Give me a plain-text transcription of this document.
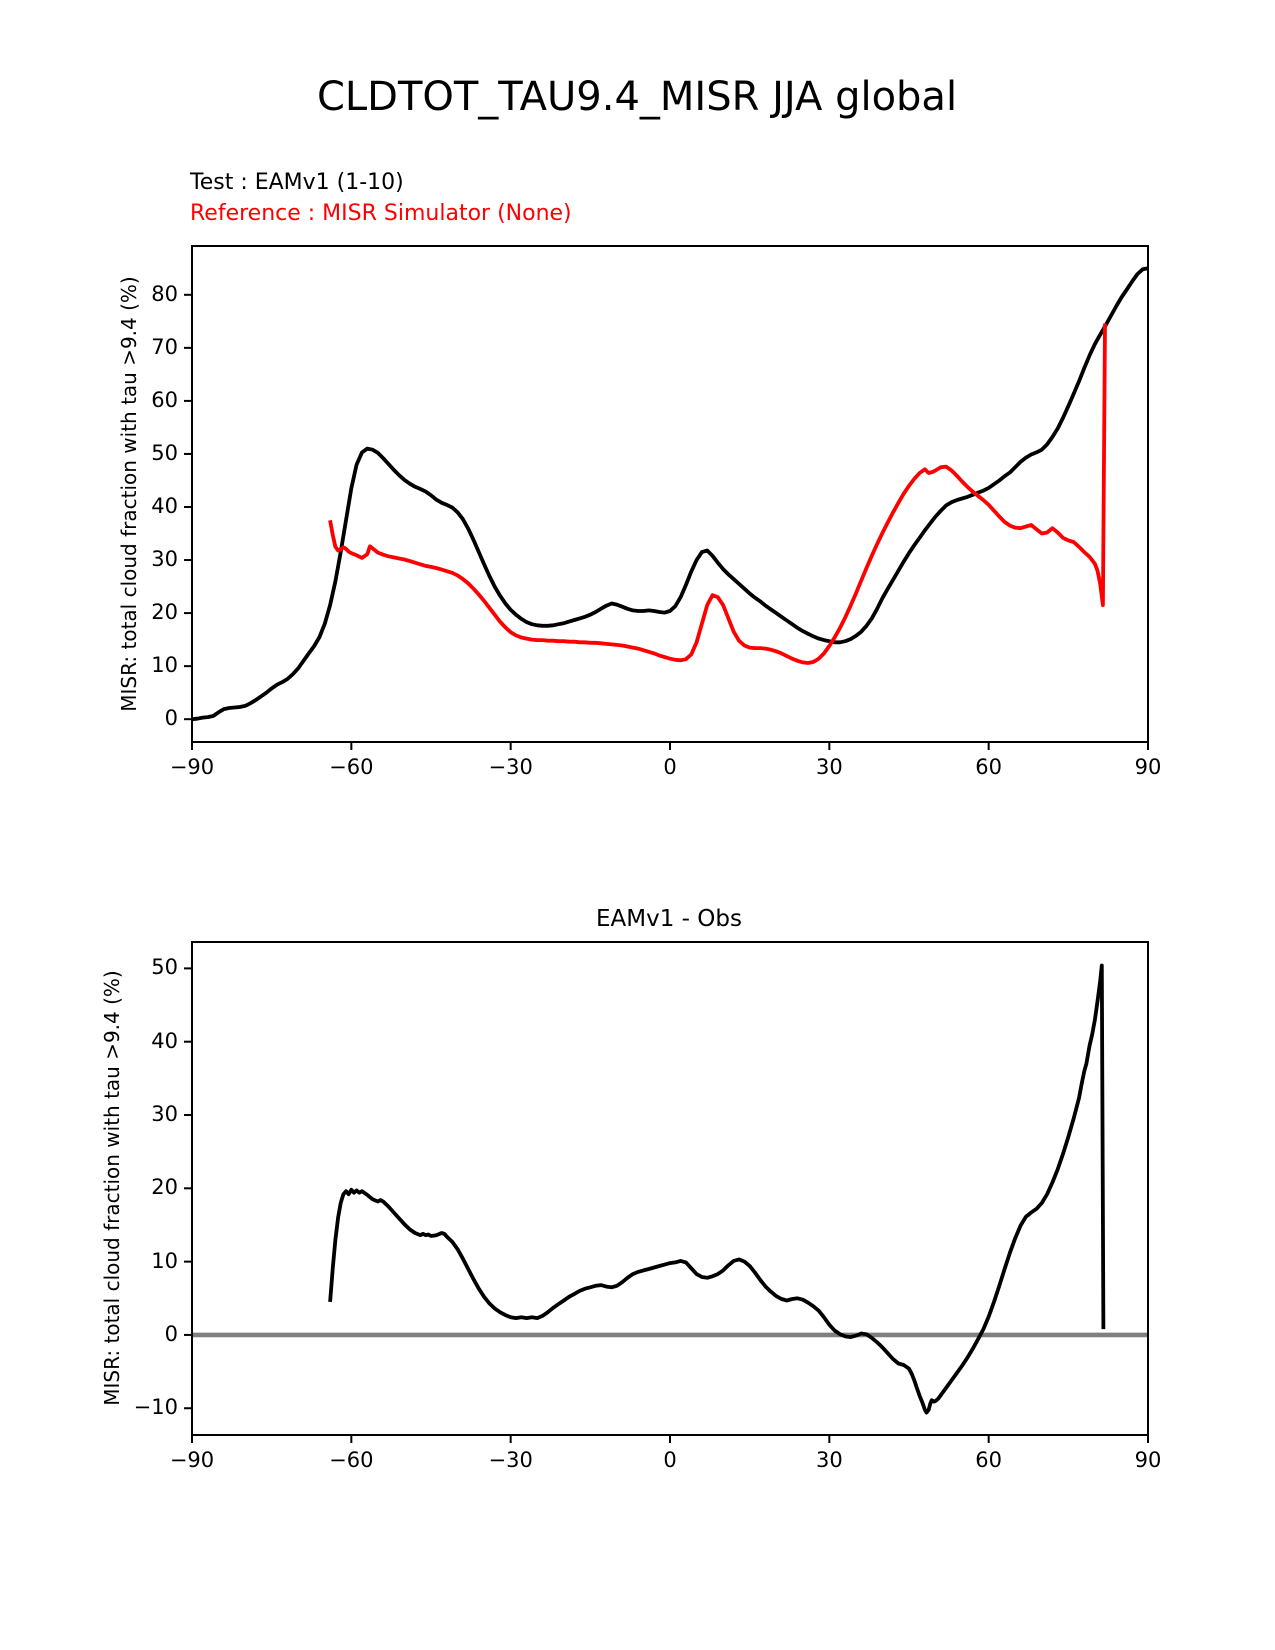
CLDTOT_TAU9.4_MISR JJA global
Test : EAMv1 (1-10)
Reference : MISR Simulator (None)
MISR: total cloud fraction with tau >9.4 (%)
MISR: total cloud fraction with tau >9.4 (%)
EAMv1 - Obs
−90	−60	−30	0	30	60	90
0
10
20
30
40
50
60
70
80
−90	−60	−30	0	30	60	90
−10
0
10
20
30
40
50
